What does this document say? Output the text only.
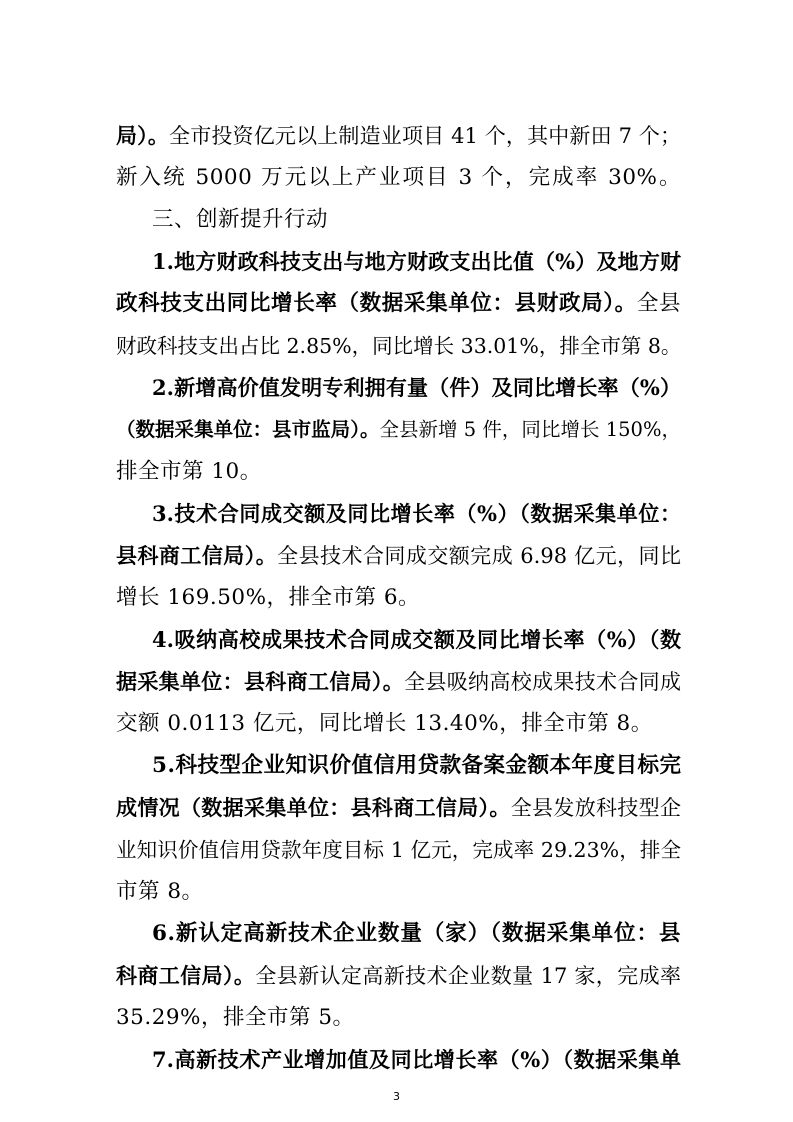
局）。全市投资亿元以上制造业项目 41 个，其中新田 7 个；
新入统 5000 万元以上产业项目 3 个，完成率 30%。
三、创新提升行动
1.地方财政科技支出与地方财政支出比值（%）及地方财
政科技支出同比增长率（数据采集单位：县财政局）。全县
财政科技支出占比 2.85%，同比增长 33.01%，排全市第 8。
2.新增高价值发明专利拥有量（件）及同比增长率（%）
（数据采集单位：县市监局）。全县新增 5 件，同比增长 150%，
排全市第 10。
3.技术合同成交额及同比增长率（%）（数据采集单位：
县科商工信局）。全县技术合同成交额完成 6.98 亿元，同比
增长 169.50%，排全市第 6。
4.吸纳高校成果技术合同成交额及同比增长率（%）（数
据采集单位：县科商工信局）。全县吸纳高校成果技术合同成
交额 0.0113 亿元，同比增长 13.40%，排全市第 8。
5.科技型企业知识价值信用贷款备案金额本年度目标完
成情况（数据采集单位：县科商工信局）。全县发放科技型企
业知识价值信用贷款年度目标 1 亿元，完成率 29.23%，排全
市第 8。
6.新认定高新技术企业数量（家）（数据采集单位：县
科商工信局）。全县新认定高新技术企业数量 17 家，完成率
35.29%，排全市第 5。
7.高新技术产业增加值及同比增长率（%）（数据采集单
3
